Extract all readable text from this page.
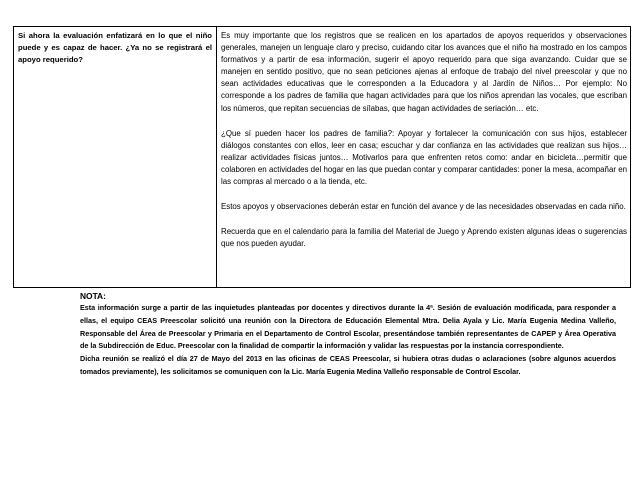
Si ahora la evaluación enfatizará en lo que el niño puede y es capaz de hacer. ¿Ya no se registrará el apoyo requerido?

Es muy importante que los registros que se realicen en los apartados de apoyos requeridos y observaciones generales, manejen un lenguaje claro y preciso, cuidando citar los avances que el niño ha mostrado en los campos formativos y a partir de esa información, sugerir el apoyo requerido para que siga avanzando. Cuidar que se manejen en sentido positivo, que no sean peticiones ajenas al enfoque de trabajo del nivel preescolar y que no sean actividades educativas que le corresponden a la Educadora y al Jardín de Niños… Por ejemplo: No corresponde a los padres de familia que hagan actividades para que los niños aprendan las vocales, que escriban los números, que repitan secuencias de sílabas, que hagan actividades de seriación… etc.

¿Que sí pueden hacer los padres de familia?: Apoyar y fortalecer la comunicación con sus hijos, establecer diálogos constantes con ellos, leer en casa; escuchar y dar confianza en las actividades que realizan sus hijos… realizar actividades físicas juntos… Motivarlos para que enfrenten retos como: andar en bicicleta…permitir que colaboren en actividades del hogar en las que puedan contar y comparar cantidades: poner la mesa, acompañar en las compras al mercado o a la tienda, etc.

Estos apoyos y observaciones deberán estar en función del avance y de las necesidades observadas en cada niño.

Recuerda que en el calendario para la familia del Material de Juego y Aprendo existen algunas ideas o sugerencias que nos pueden ayudar.

NOTA:

Esta información surge a partir de las inquietudes planteadas por docentes y directivos durante la 4ª. Sesión de evaluación modificada, para responder a ellas, el equipo CEAS Preescolar solicitó una reunión con la Directora de Educación Elemental Mtra. Delia Ayala y Lic. María Eugenia Medina Valleño, Responsable del Área de Preescolar y Primaria en el Departamento de Control Escolar, presentándose también representantes de CAPEP y Área Operativa de la Subdirección de Educ. Preescolar con la finalidad de compartir la información y validar las respuestas por la instancia correspondiente.

Dicha reunión se realizó el día 27 de Mayo del 2013 en las oficinas de CEAS Preescolar, si hubiera otras dudas o aclaraciones (sobre algunos acuerdos tomados previamente), les solicitamos se comuniquen con la Lic. María Eugenia Medina Valleño responsable de Control Escolar.
